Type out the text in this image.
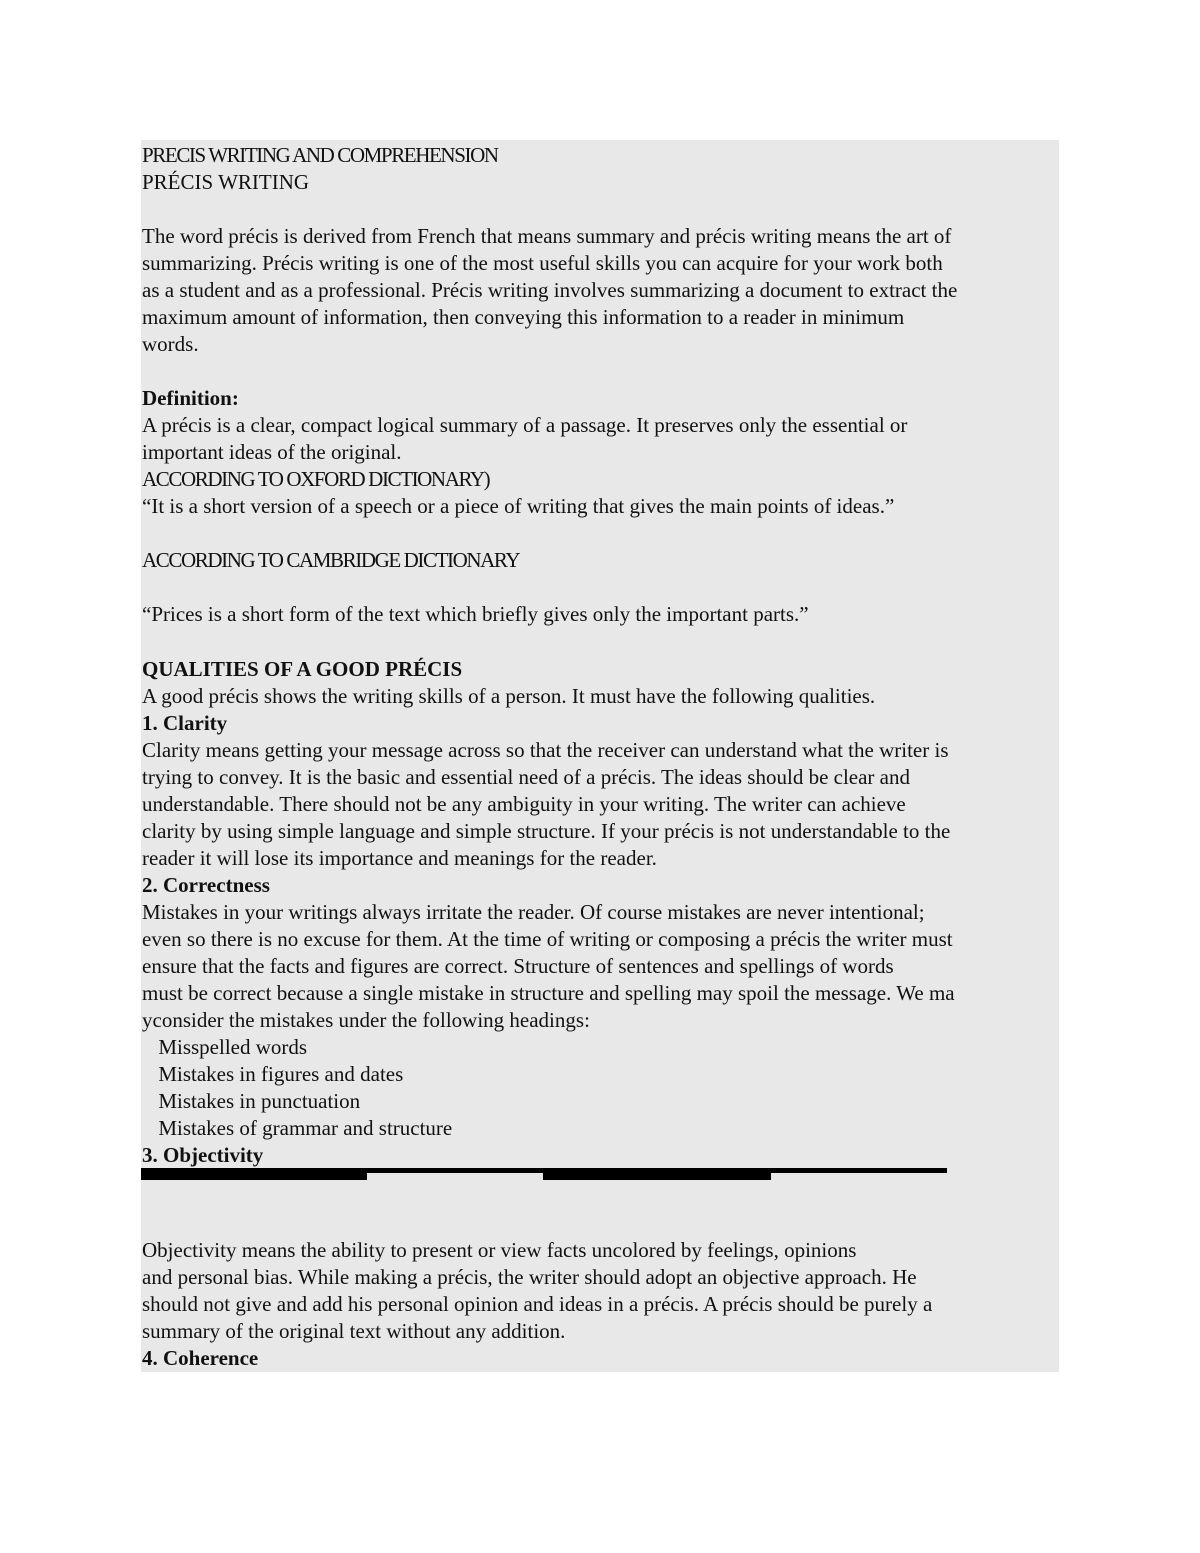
PRECIS WRITING AND COMPREHENSION
PRÉCIS WRITING
The word précis is derived from French that means summary and précis writing means the art of
summarizing. Précis writing is one of the most useful skills you can acquire for your work both
as a student and as a professional. Précis writing involves summarizing a document to extract the
maximum amount of information, then conveying this information to a reader in minimum
words.
Definition:
A précis is a clear, compact logical summary of a passage. It preserves only the essential or
important ideas of the original.
ACCORDING TO OXFORD DICTIONARY)
“It is a short version of a speech or a piece of writing that gives the main points of ideas.”
ACCORDING TO CAMBRIDGE DICTIONARY
“Prices is a short form of the text which briefly gives only the important parts.”
QUALITIES OF A GOOD PRÉCIS
A good précis shows the writing skills of a person. It must have the following qualities.
1. Clarity
Clarity means getting your message across so that the receiver can understand what the writer is
trying to convey. It is the basic and essential need of a précis. The ideas should be clear and
understandable. There should not be any ambiguity in your writing. The writer can achieve
clarity by using simple language and simple structure. If your précis is not understandable to the
reader it will lose its importance and meanings for the reader.
2. Correctness
Mistakes in your writings always irritate the reader. Of course mistakes are never intentional;
even so there is no excuse for them. At the time of writing or composing a précis the writer must
ensure that the facts and figures are correct. Structure of sentences and spellings of words
must be correct because a single mistake in structure and spelling may spoil the message. We ma
yconsider the mistakes under the following headings:
Misspelled words
Mistakes in figures and dates
Mistakes in punctuation
Mistakes of grammar and structure
3. Objectivity
Objectivity means the ability to present or view facts uncolored by feelings, opinions
and personal bias. While making a précis, the writer should adopt an objective approach. He
should not give and add his personal opinion and ideas in a précis. A précis should be purely a
summary of the original text without any addition.
4. Coherence
